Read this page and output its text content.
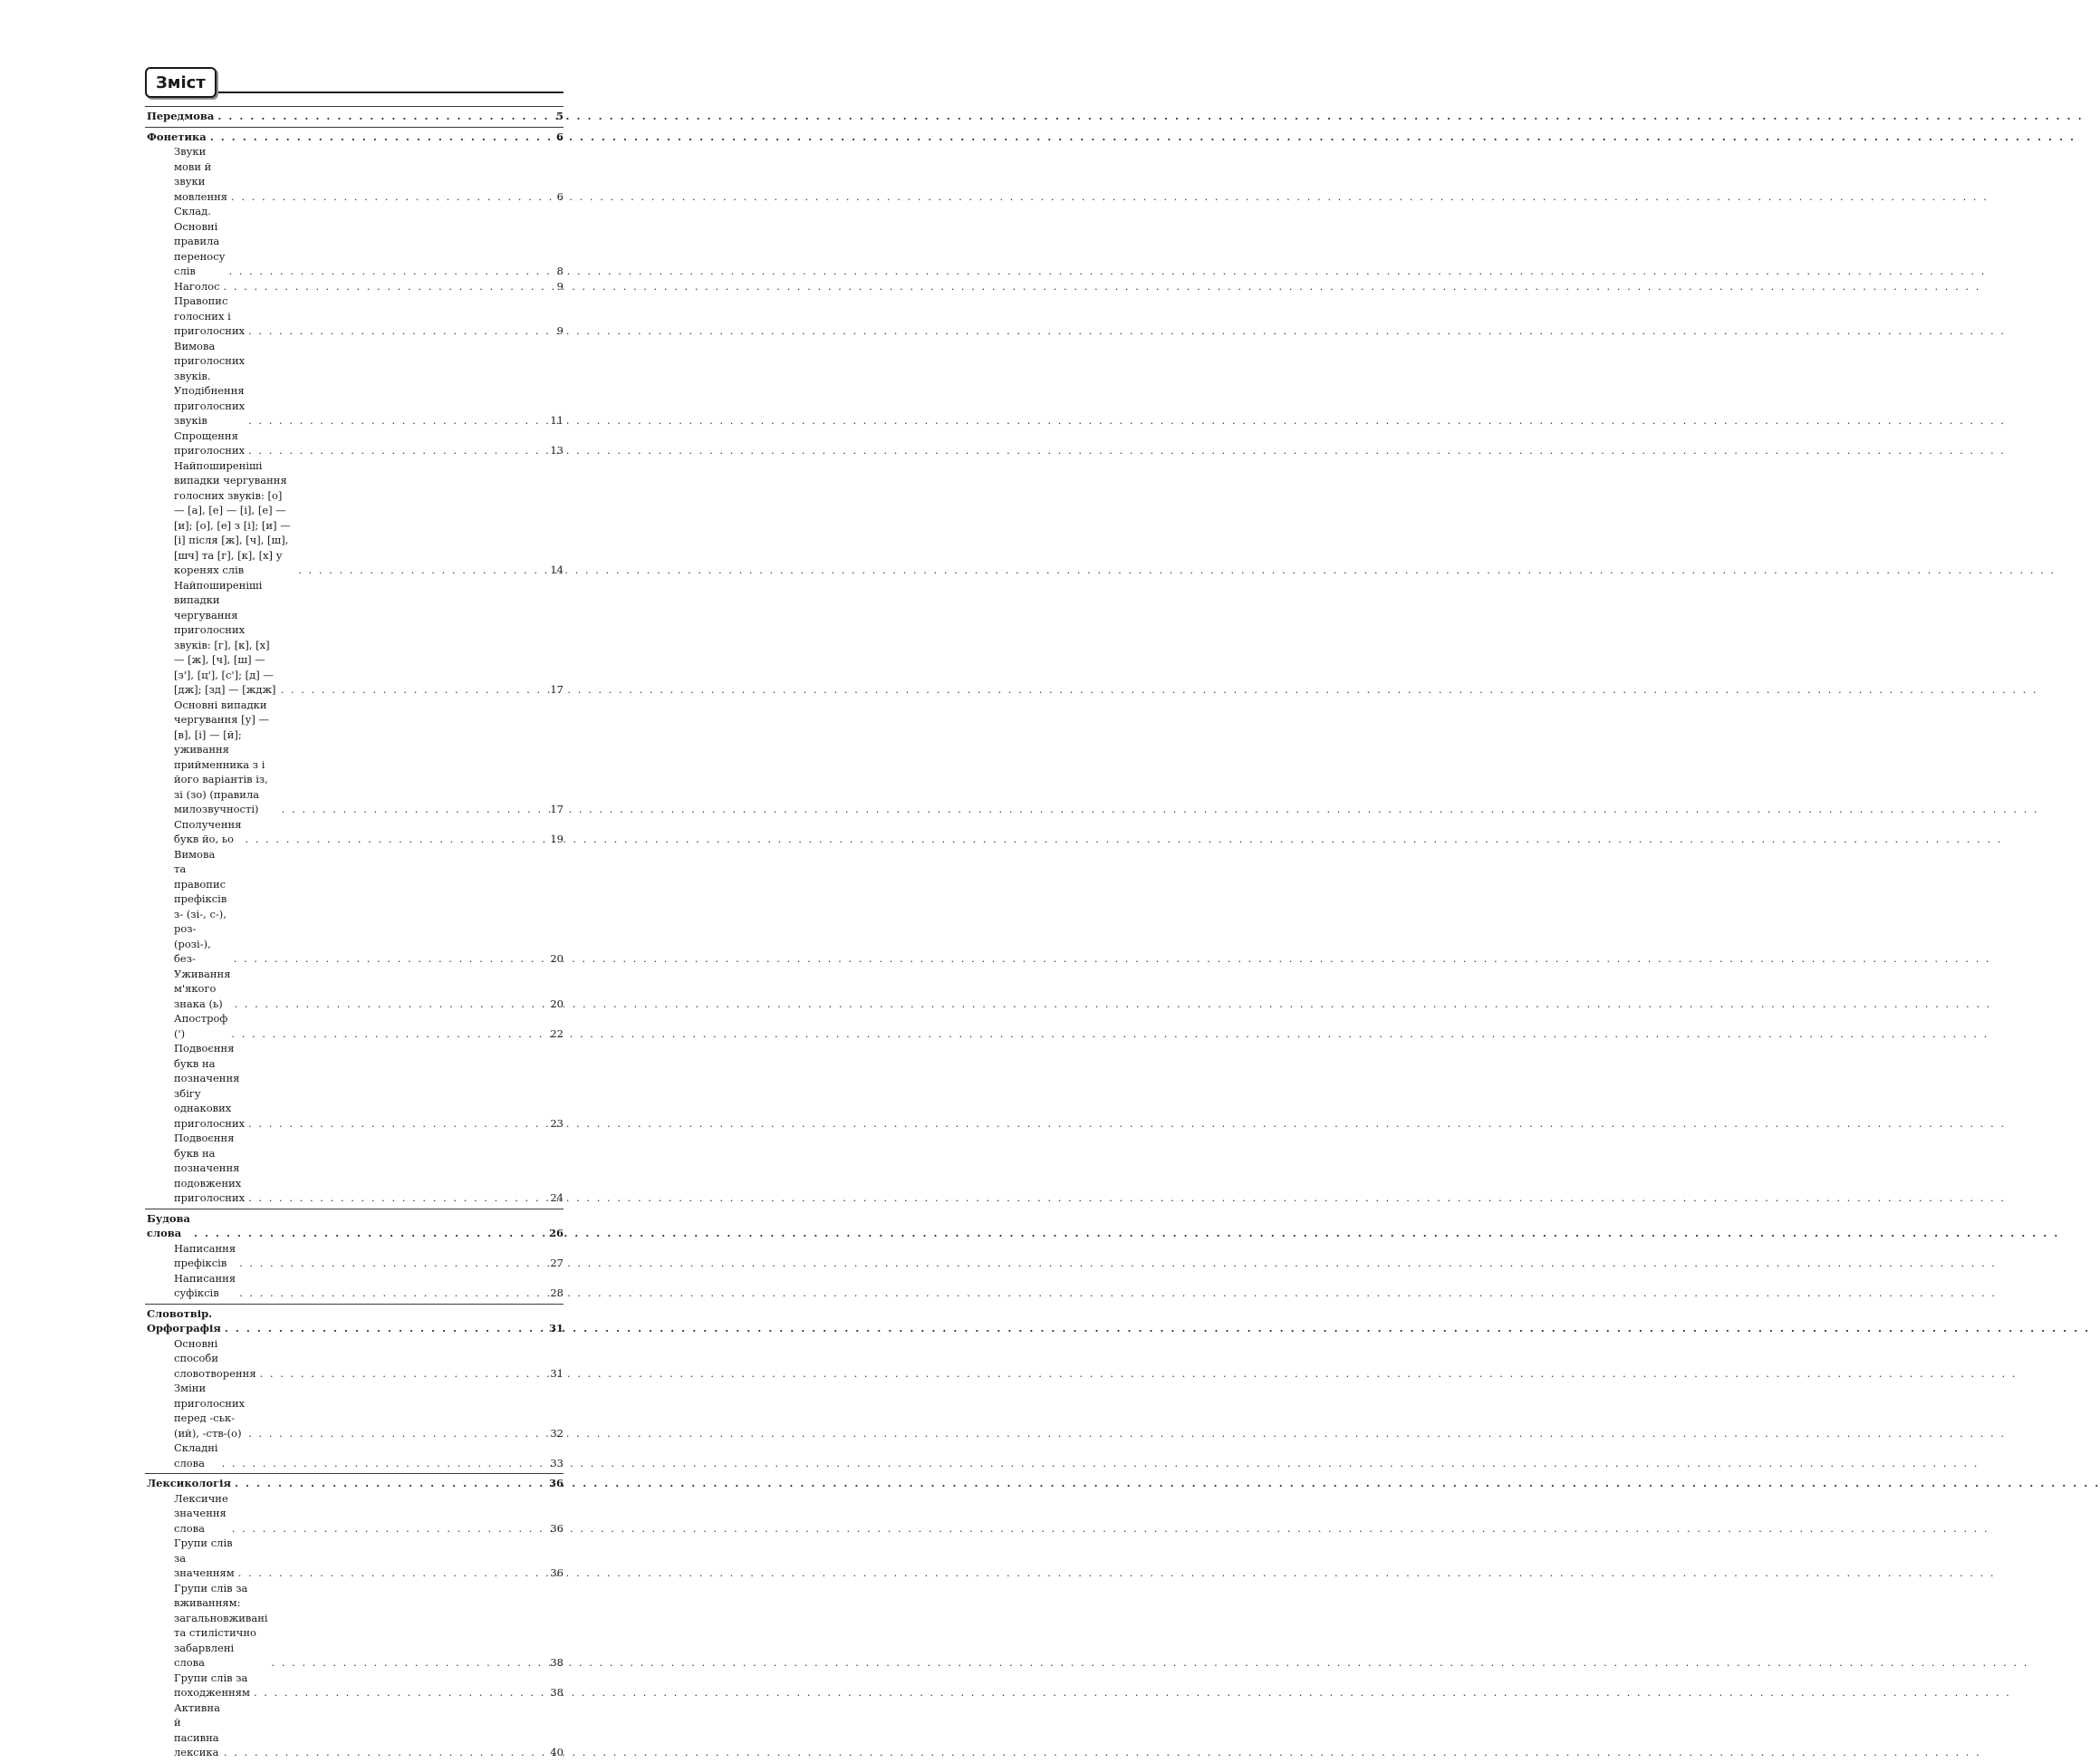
Зміст
Передмова . . .	5
Фонетика . . .	6
Звуки мови й звуки мовлення . . .	6
Склад. Основні правила переносу слів . . .	8
Наголос . . .	9
Правопис голосних і приголосних . . .	9
Вимова приголосних звуків. Уподібнення приголосних звуків . . .	11
Спрощення приголосних . . .	13
Найпоширеніші випадки чергування голосних звуків: [о] — [а], [е] — [і], [е] — [и]; [о], [е] з [і]; [и] — [і] після [ж], [ч], [ш], [шч] та [г], [к], [х] у коренях слів . . .	14
Найпоширеніші випадки чергування приголосних звуків: [г], [к], [х] — [ж], [ч], [ш] — [з'], [ц'], [с']; [д] — [дж]; [зд] — [ждж] . . .	17
Основні випадки чергування [у] — [в], [і] — [й]; уживання прийменника з і його варіантів із, зі (зо) (правила милозвучності) . . .	17
Сполучення букв йо, ьо . . .	19
Вимова та правопис префіксів з- (зі-, с-), роз- (розі-), без- . . .	20
Уживання м'якого знака (ь) . . .	20
Апостроф (') . . .	22
Подвоєння букв на позначення збігу однакових приголосних . . .	23
Подвоєння букв на позначення подовжених приголосних . . .	24
Будова слова . . .	26
Написання префіксів . . .	27
Написання суфіксів . . .	28
Словотвір. Орфографія . . .	31
Основні способи словотворення . . .	31
Зміни приголосних перед -ськ-(ий), -ств-(о) . . .	32
Складні слова . . .	33
Лексикологія . . .	36
Лексичне значення слова . . .	36
Групи слів за значенням . . .	36
Групи слів за вживанням: загальновживані та стилістично забарвлені слова . . .	38
Групи слів за походженням . . .	38
Активна й пасивна лексика . . .	40
